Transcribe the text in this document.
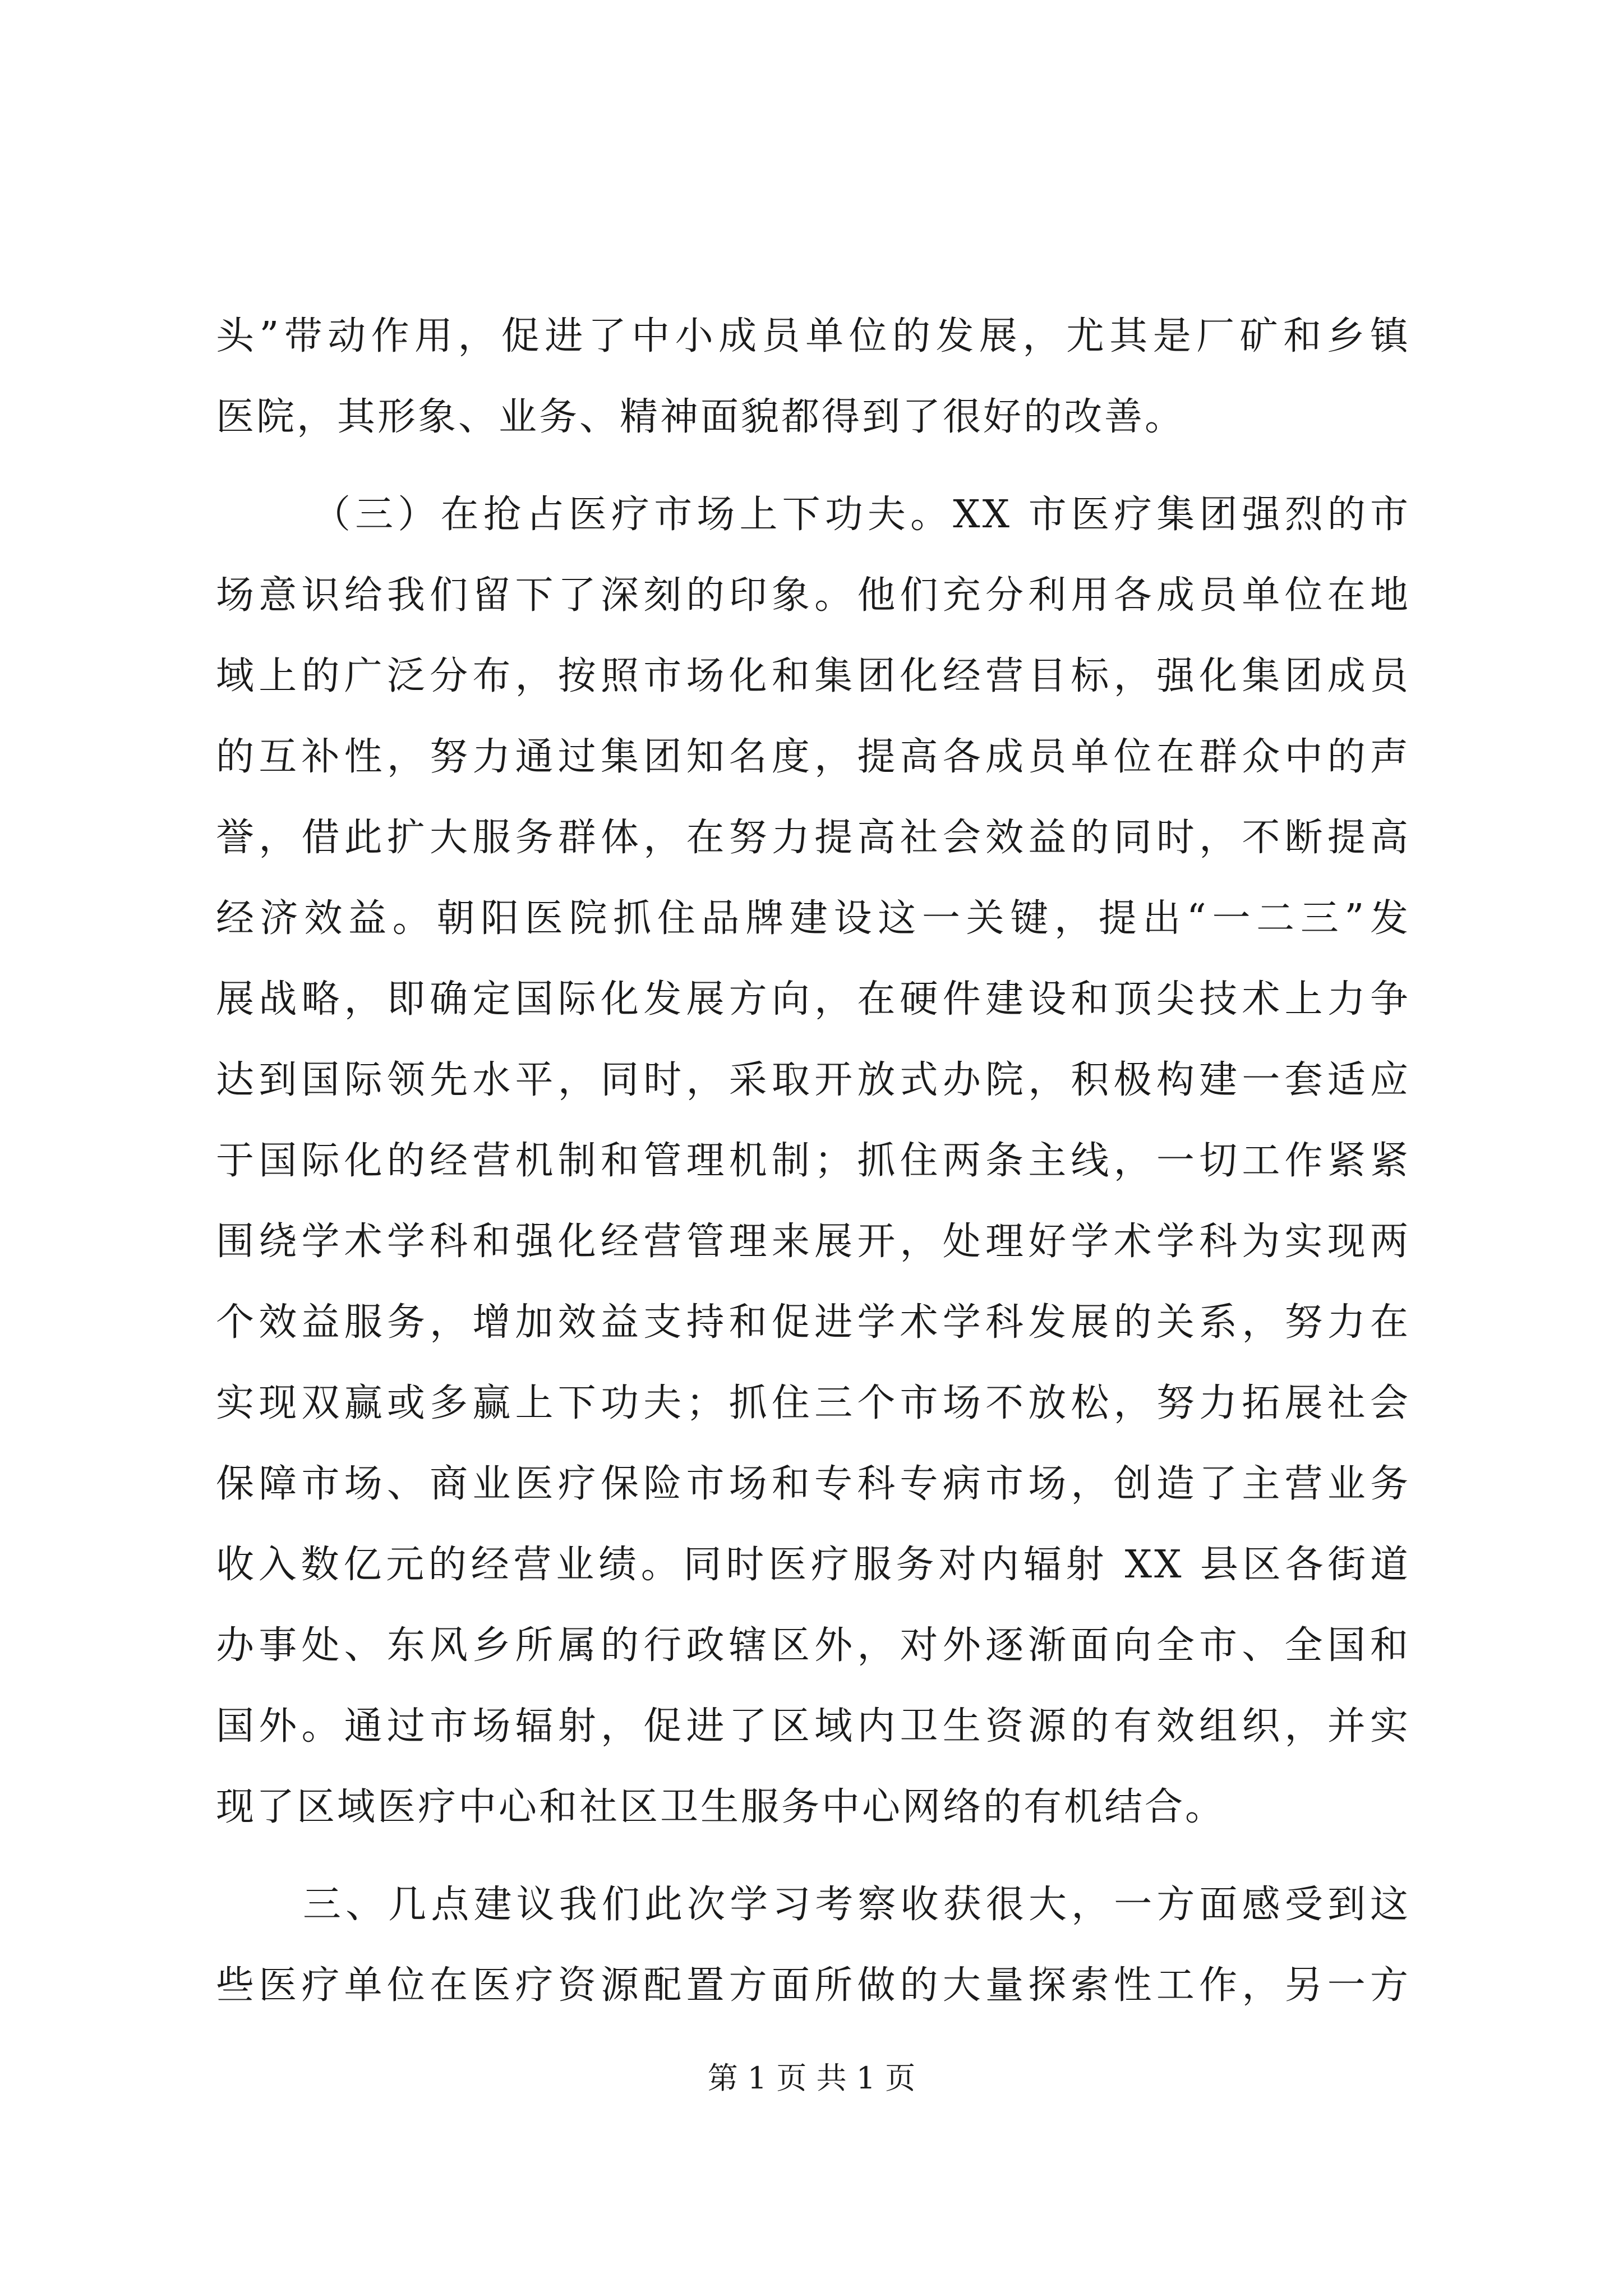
头”带动作用，促进了中小成员单位的发展，尤其是厂矿和乡镇
医院，其形象、业务、精神面貌都得到了很好的改善。
（三）在抢占医疗市场上下功夫。XX 市医疗集团强烈的市
场意识给我们留下了深刻的印象。他们充分利用各成员单位在地
域上的广泛分布，按照市场化和集团化经营目标，强化集团成员
的互补性，努力通过集团知名度，提高各成员单位在群众中的声
誉，借此扩大服务群体，在努力提高社会效益的同时，不断提高
经济效益。朝阳医院抓住品牌建设这一关键，提出“一二三”发
展战略，即确定国际化发展方向，在硬件建设和顶尖技术上力争
达到国际领先水平，同时，采取开放式办院，积极构建一套适应
于国际化的经营机制和管理机制；抓住两条主线，一切工作紧紧
围绕学术学科和强化经营管理来展开，处理好学术学科为实现两
个效益服务，增加效益支持和促进学术学科发展的关系，努力在
实现双赢或多赢上下功夫；抓住三个市场不放松，努力拓展社会
保障市场、商业医疗保险市场和专科专病市场，创造了主营业务
收入数亿元的经营业绩。同时医疗服务对内辐射 XX 县区各街道
办事处、东风乡所属的行政辖区外，对外逐渐面向全市、全国和
国外。通过市场辐射，促进了区域内卫生资源的有效组织，并实
现了区域医疗中心和社区卫生服务中心网络的有机结合。
三、几点建议我们此次学习考察收获很大，一方面感受到这
些医疗单位在医疗资源配置方面所做的大量探索性工作，另一方
第 1 页 共 1 页
